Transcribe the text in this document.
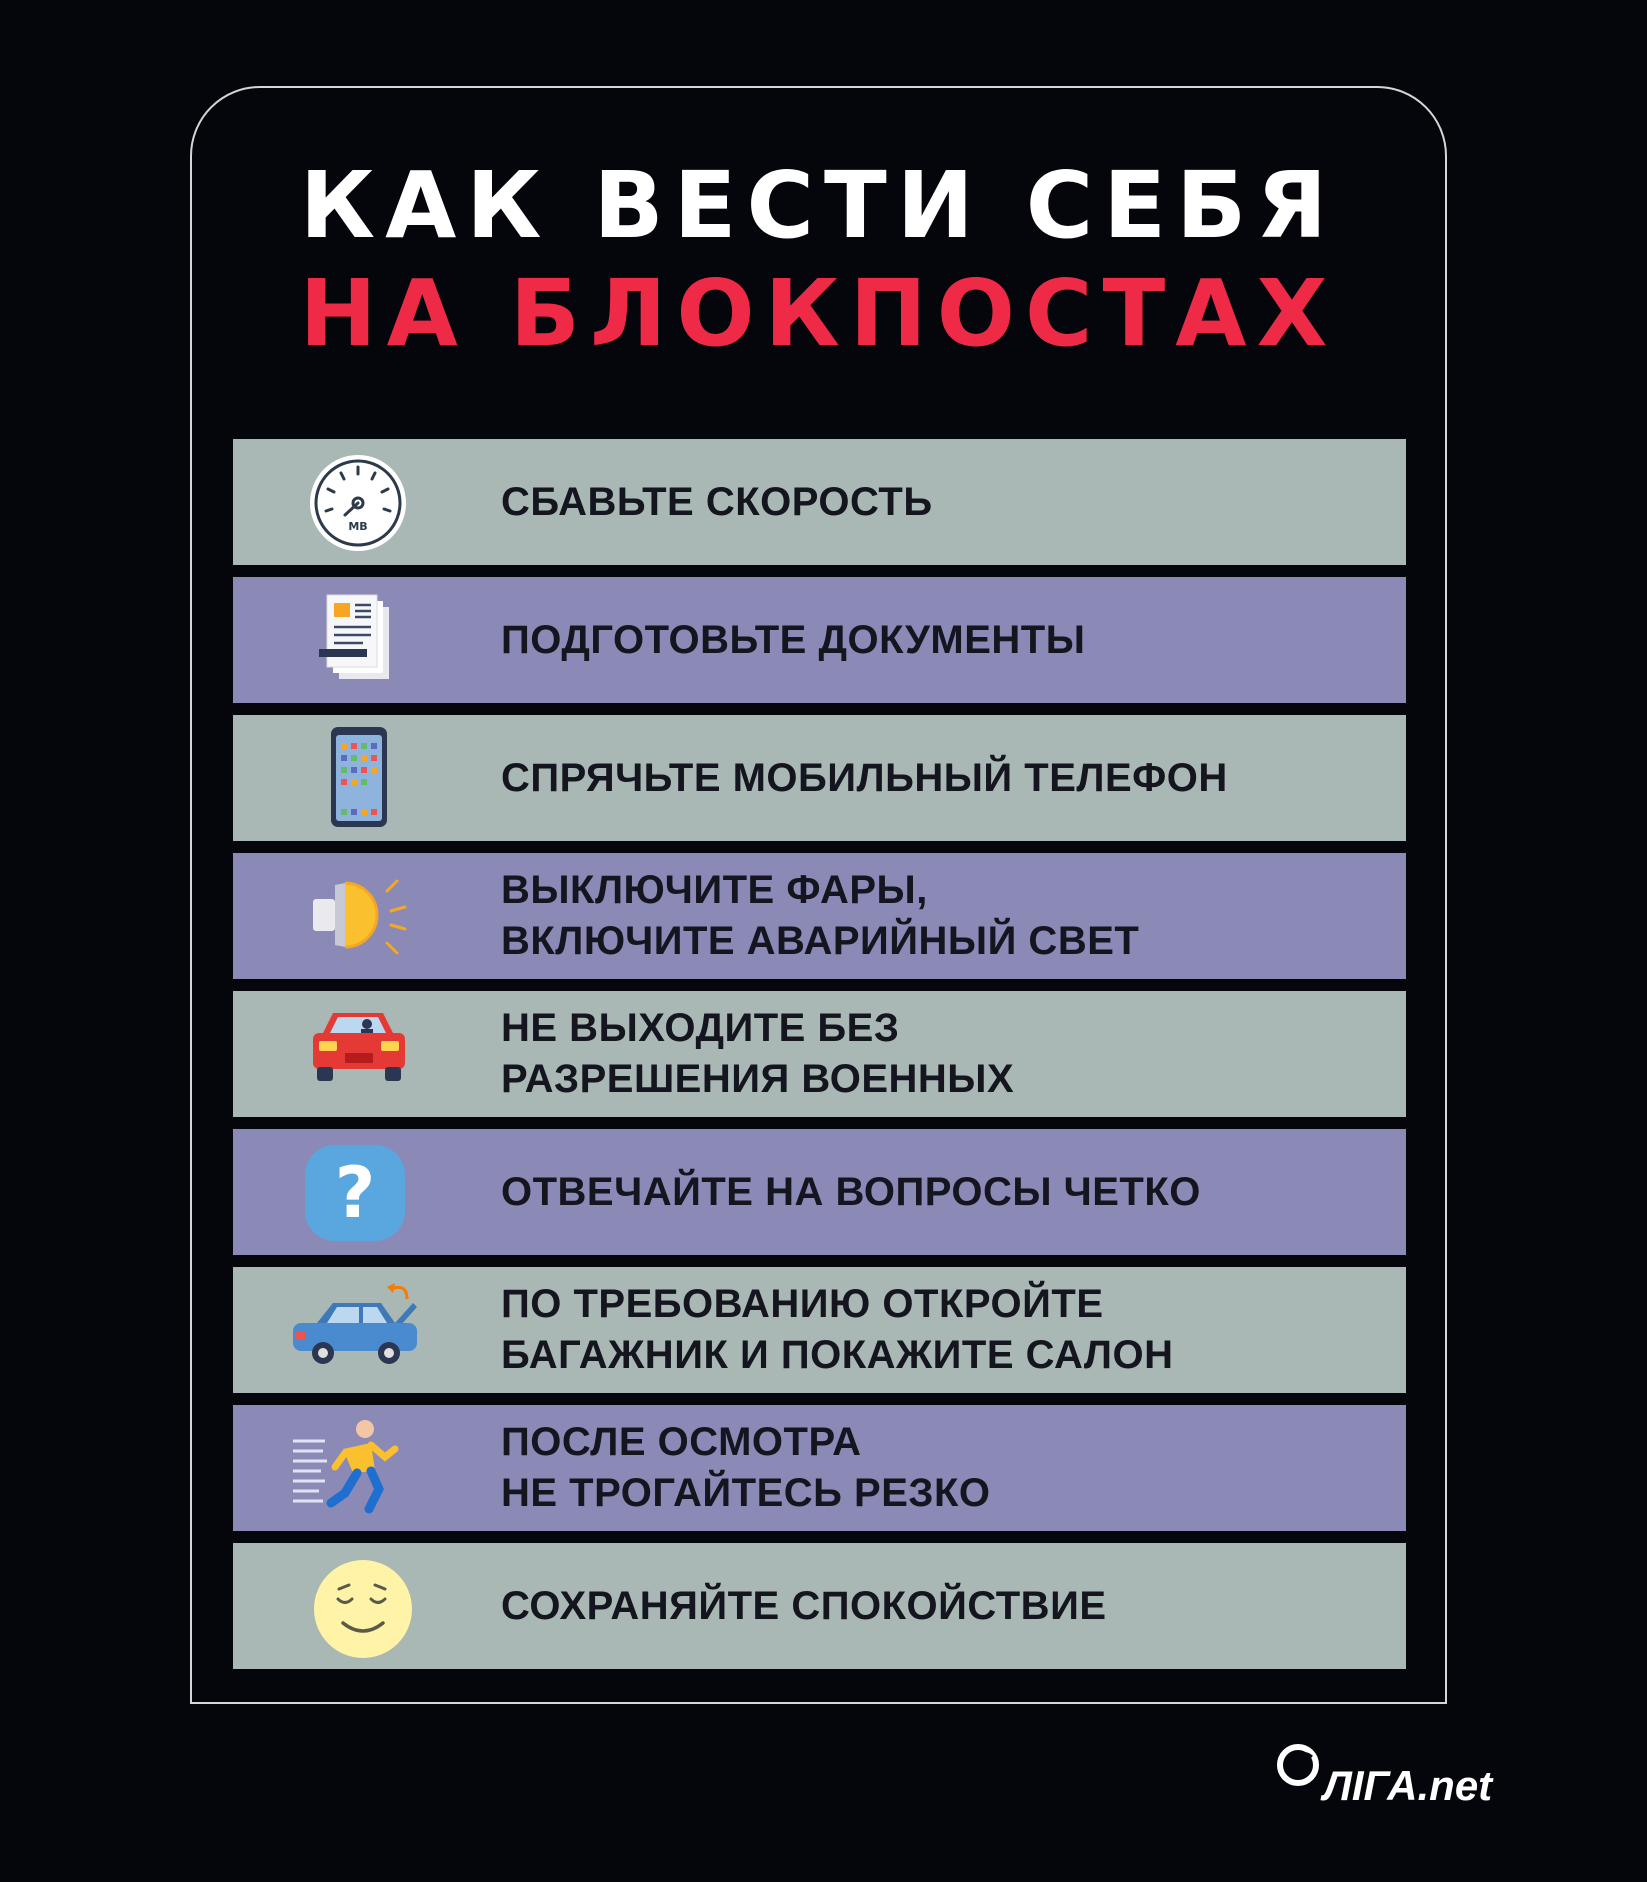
КАК ВЕСТИ СЕБЯ
НА БЛОКПОСТАХ
МВ
СБАВЬТЕ СКОРОСТЬ
ПОДГОТОВЬТЕ ДОКУМЕНТЫ
СПРЯЧЬТЕ МОБИЛЬНЫЙ ТЕЛЕФОН
ВЫКЛЮЧИТЕ ФАРЫ,
ВКЛЮЧИТЕ АВАРИЙНЫЙ СВЕТ
НЕ ВЫХОДИТЕ БЕЗ
РАЗРЕШЕНИЯ ВОЕННЫХ
?	ОТВЕЧАЙТЕ НА ВОПРОСЫ ЧЕТКО
ПО ТРЕБОВАНИЮ ОТКРОЙТЕ
БАГАЖНИК И ПОКАЖИТЕ САЛОН
ПОСЛЕ ОСМОТРА
НЕ ТРОГАЙТЕСЬ РЕЗКО
СОХРАНЯЙТЕ СПОКОЙСТВИЕ
ЛIГА.net
